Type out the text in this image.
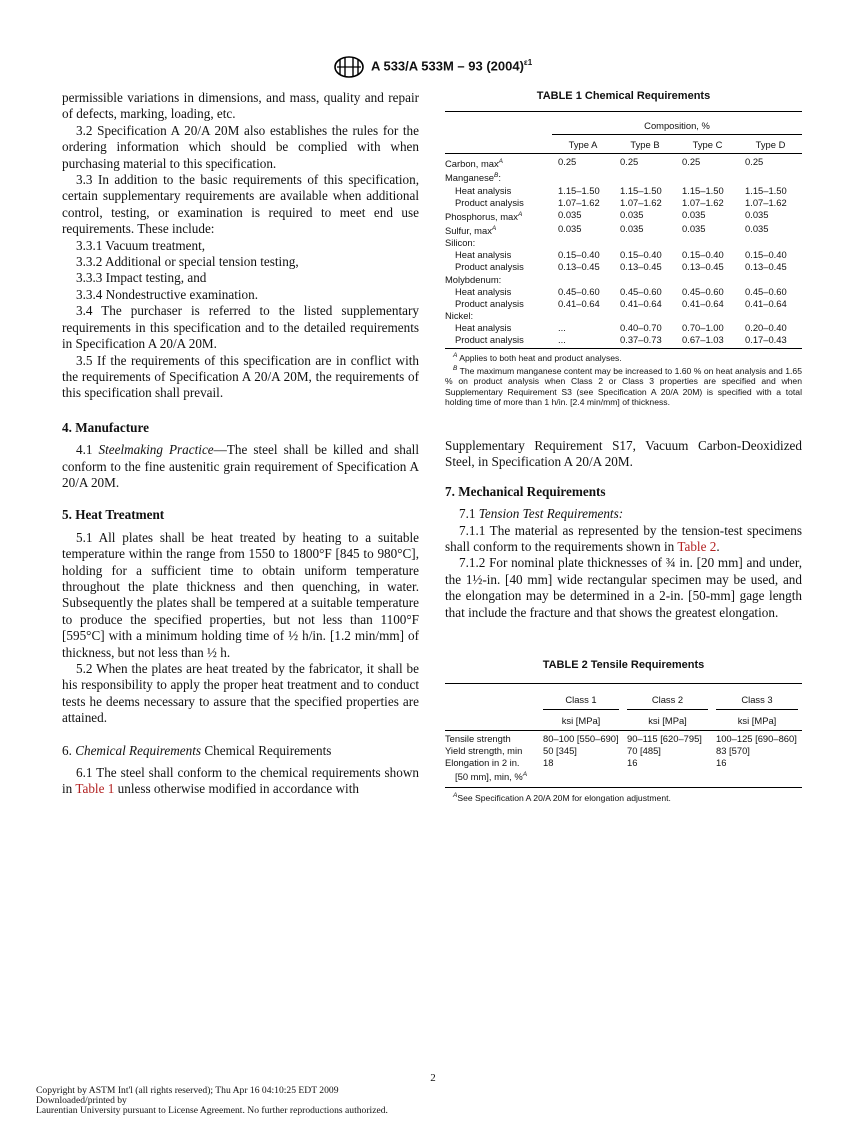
A 533/A 533M – 93 $(2004)^{\varepsilon 1}$

permissible variations in dimensions, and mass, quality and repair of defects, marking, loading, etc.

3.2 Specification A 20/A 20M also establishes the rules for the ordering information which should be complied with when purchasing material to this specification.

3.3 In addition to the basic requirements of this specification, certain supplementary requirements are available when additional control, testing, or examination is required to meet end use requirements. These include:

3.3.1 Vacuum treatment,

3.3.2 Additional or special tension testing,

3.3.3 Impact testing, and

3.3.4 Nondestructive examination.

3.4 The purchaser is referred to the listed supplementary requirements in this specification and to the detailed requirements in Specification A 20/A 20M.

3.5 If the requirements of this specification are in conflict with the requirements of Specification A 20/A 20M, the requirements of this specification shall prevail.

4. Manufacture

4.1 Steelmaking Practice—The steel shall be killed and shall conform to the fine austenitic grain requirement of Specification A 20/A 20M.

5. Heat Treatment

5.1 All plates shall be heat treated by heating to a suitable temperature within the range from 1550 to 1800°F [845 to 980°C], holding for a sufficient time to obtain uniform temperature throughout the plate thickness and then quenching, in water. Subsequently the plates shall be tempered at a suitable temperature to produce the specified properties, but not less than 1100°F [595°C] with a minimum holding time of ½ h/in. [1.2 min/mm] of thickness, but not less than ½ h.

5.2 When the plates are heat treated by the fabricator, it shall be his responsibility to apply the proper heat treatment and to conduct tests he deems necessary to assure that the specified properties are attained.

6. Chemical Requirements Chemical Requirements

6.1 The steel shall conform to the chemical requirements shown in Table 1 unless otherwise modified in accordance with

TABLE 1 Chemical Requirements

	Composition, %			

	Type A	Type B	Type C	Type D
Carbon, $\max^A$	0.25	0.25	0.25	0.25
Manganese$^B$:				
Heat analysis	1.15–1.50	1.15–1.50	1.15–1.50	1.15–1.50
Product analysis	1.07–1.62	1.07–1.62	1.07–1.62	1.07–1.62
Phosphorus, $\max^A$	0.035	0.035	0.035	0.035
Sulfur, $\max^A$	0.035	0.035	0.035	0.035
Silicon:				
Heat analysis	0.15–0.40	0.15–0.40	0.15–0.40	0.15–0.40
Product analysis	0.13–0.45	0.13–0.45	0.13–0.45	0.13–0.45
Molybdenum:				
Heat analysis	0.45–0.60	0.45–0.60	0.45–0.60	0.45–0.60
Product analysis	0.41–0.64	0.41–0.64	0.41–0.64	0.41–0.64
Nickel:				
Heat analysis	...	0.40–0.70	0.70–1.00	0.20–0.40
Product analysis	...	0.37–0.73	0.67–1.03	0.17–0.43
$^A$ Applies to both heat and product analyses.
$^B$ The maximum manganese content may be increased to 1.60 % on heat analysis and 1.65 % on product analysis when Class 2 or Class 3 properties are specified and when Supplementary Requirement S3 (see Specification A 20/A 20M) is specified with a total holding time of more than 1 h/in. [2.4 min/mm] of thickness.

Supplementary Requirement S17, Vacuum Carbon-Deoxidized Steel, in Specification A 20/A 20M.

7. Mechanical Requirements

7.1 Tension Test Requirements:

7.1.1 The material as represented by the tension-test specimens shall conform to the requirements shown in Table 2.

7.1.2 For nominal plate thicknesses of ¾ in. [20 mm] and under, the 1½-in. [40 mm] wide rectangular specimen may be used, and the elongation may be determined in a 2-in. [50-mm] gage length that include the fracture and that shows the greatest elongation.

TABLE 2 Tensile Requirements

	Class 1	Class 2	Class 3

	ksi [MPa]	ksi [MPa]	ksi [MPa]
Tensile strength	80–100 [550–690]	90–115 [620–795]	100–125 [690–860]
Yield strength, min	50 [345]	70 [485]	83 [570]
Elongation in 2 in.	18	16	16
[50 mm], min, %$^A$			
$^A$See Specification A 20/A 20M for elongation adjustment.
2
Copyright by ASTM Int'l (all rights reserved); Thu Apr 16 04:10:25 EDT 2009
Downloaded/printed by
Laurentian University pursuant to License Agreement. No further reproductions authorized.
